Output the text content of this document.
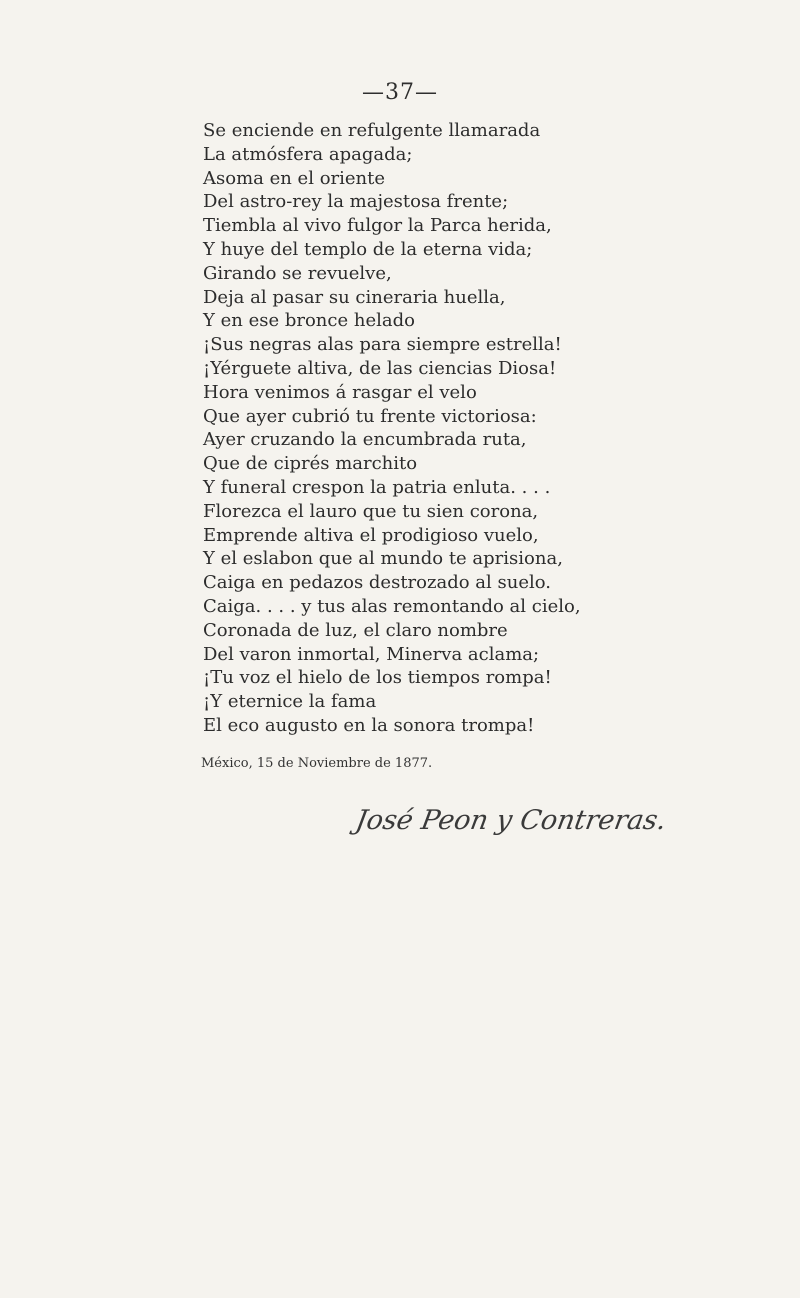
—37—
Se enciende en refulgente llamarada
La atmósfera apagada;
Asoma en el oriente
Del astro-rey la majestosa frente;
Tiembla al vivo fulgor la Parca herida,
Y huye del templo de la eterna vida;
Girando se revuelve,
Deja al pasar su cineraria huella,
Y en ese bronce helado
¡Sus negras alas para siempre estrella!
¡Yérguete altiva, de las ciencias Diosa!
Hora venimos á rasgar el velo
Que ayer cubrió tu frente victoriosa:
Ayer cruzando la encumbrada ruta,
Que de ciprés marchito
Y funeral crespon la patria enluta. . . .
Florezca el lauro que tu sien corona,
Emprende altiva el prodigioso vuelo,
Y el eslabon que al mundo te aprisiona,
Caiga en pedazos destrozado al suelo.
Caiga. . . . y tus alas remontando al cielo,
Coronada de luz, el claro nombre
Del varon inmortal, Minerva aclama;
¡Tu voz el hielo de los tiempos rompa!
¡Y eternice la fama
El eco augusto en la sonora trompa!
México, 15 de Noviembre de 1877.
José Peon y Contreras.
